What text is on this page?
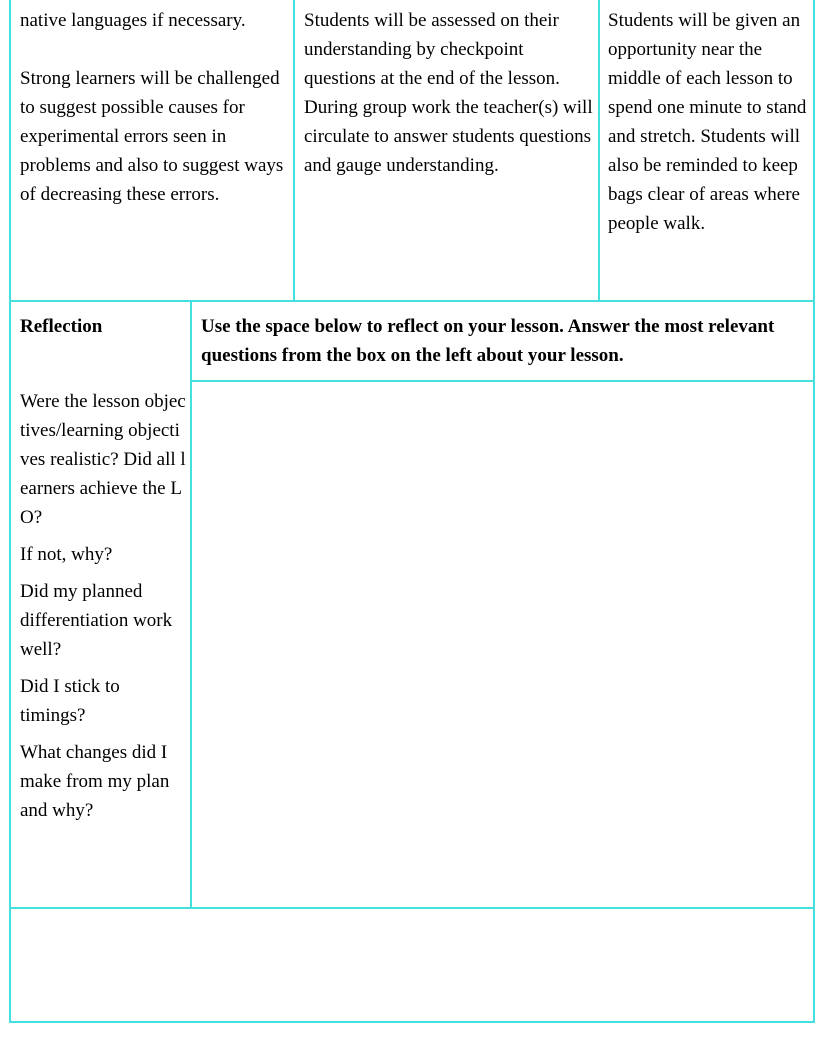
native languages if necessary.

Strong learners will be challenged to suggest possible causes for experimental errors seen in problems and also to suggest ways of decreasing these errors.

Students will be assessed on their understanding by checkpoint questions at the end of the lesson. During group work the teacher(s) will circulate to answer students questions and gauge understanding.

Students will be given an opportunity near the middle of each lesson to spend one minute to stand and stretch. Students will also be reminded to keep bags clear of areas where people walk.

Reflection

Were the lesson objectives/learning objectives realistic? Did all learners achieve the LO?

If not, why?

Did my planned differentiation work well?

Did I stick to timings?

What changes did I make from my plan and why?

Use the space below to reflect on your lesson. Answer the most relevant questions from the box on the left about your lesson.
